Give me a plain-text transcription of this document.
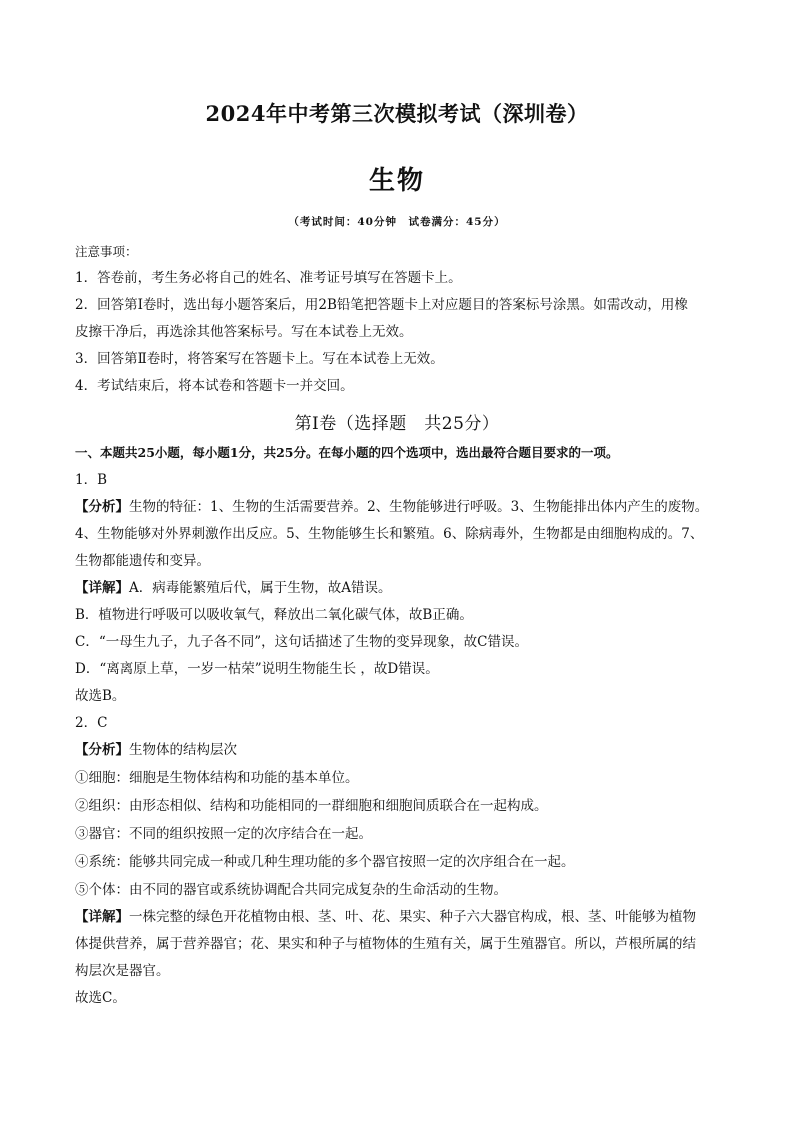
2024年中考第三次模拟考试（深圳卷）
生物
（考试时间：40分钟　试卷满分：45分）
注意事项：
1．答卷前，考生务必将自己的姓名、准考证号填写在答题卡上。
2．回答第Ⅰ卷时，选出每小题答案后，用2B铅笔把答题卡上对应题目的答案标号涂黑。如需改动，用橡
皮擦干净后，再选涂其他答案标号。写在本试卷上无效。
3．回答第Ⅱ卷时，将答案写在答题卡上。写在本试卷上无效。
4．考试结束后，将本试卷和答题卡一并交回。
第Ⅰ卷（选择题　共25分）
一、本题共25小题，每小题1分，共25分。在每小题的四个选项中，选出最符合题目要求的一项。
1．B
【分析】生物的特征：1、生物的生活需要营养。2、生物能够进行呼吸。3、生物能排出体内产生的废物。
4、生物能够对外界刺激作出反应。5、生物能够生长和繁殖。6、除病毒外，生物都是由细胞构成的。7、
生物都能遗传和变异。
【详解】A．病毒能繁殖后代，属于生物，故A错误。
B．植物进行呼吸可以吸收氧气，释放出二氧化碳气体，故B正确。
C．“一母生九子，九子各不同”，这句话描述了生物的变异现象，故C错误。
D．“离离原上草，一岁一枯荣”说明生物能生长 ，故D错误。
故选B。
2．C
【分析】生物体的结构层次
①细胞：细胞是生物体结构和功能的基本单位。
②组织：由形态相似、结构和功能相同的一群细胞和细胞间质联合在一起构成。
③器官：不同的组织按照一定的次序结合在一起。
④系统：能够共同完成一种或几种生理功能的多个器官按照一定的次序组合在一起。
⑤个体：由不同的器官或系统协调配合共同完成复杂的生命活动的生物。
【详解】一株完整的绿色开花植物由根、茎、叶、花、果实、种子六大器官构成，根、茎、叶能够为植物
体提供营养，属于营养器官；花、果实和种子与植物体的生殖有关，属于生殖器官。所以，芦根所属的结
构层次是器官。
故选C。
